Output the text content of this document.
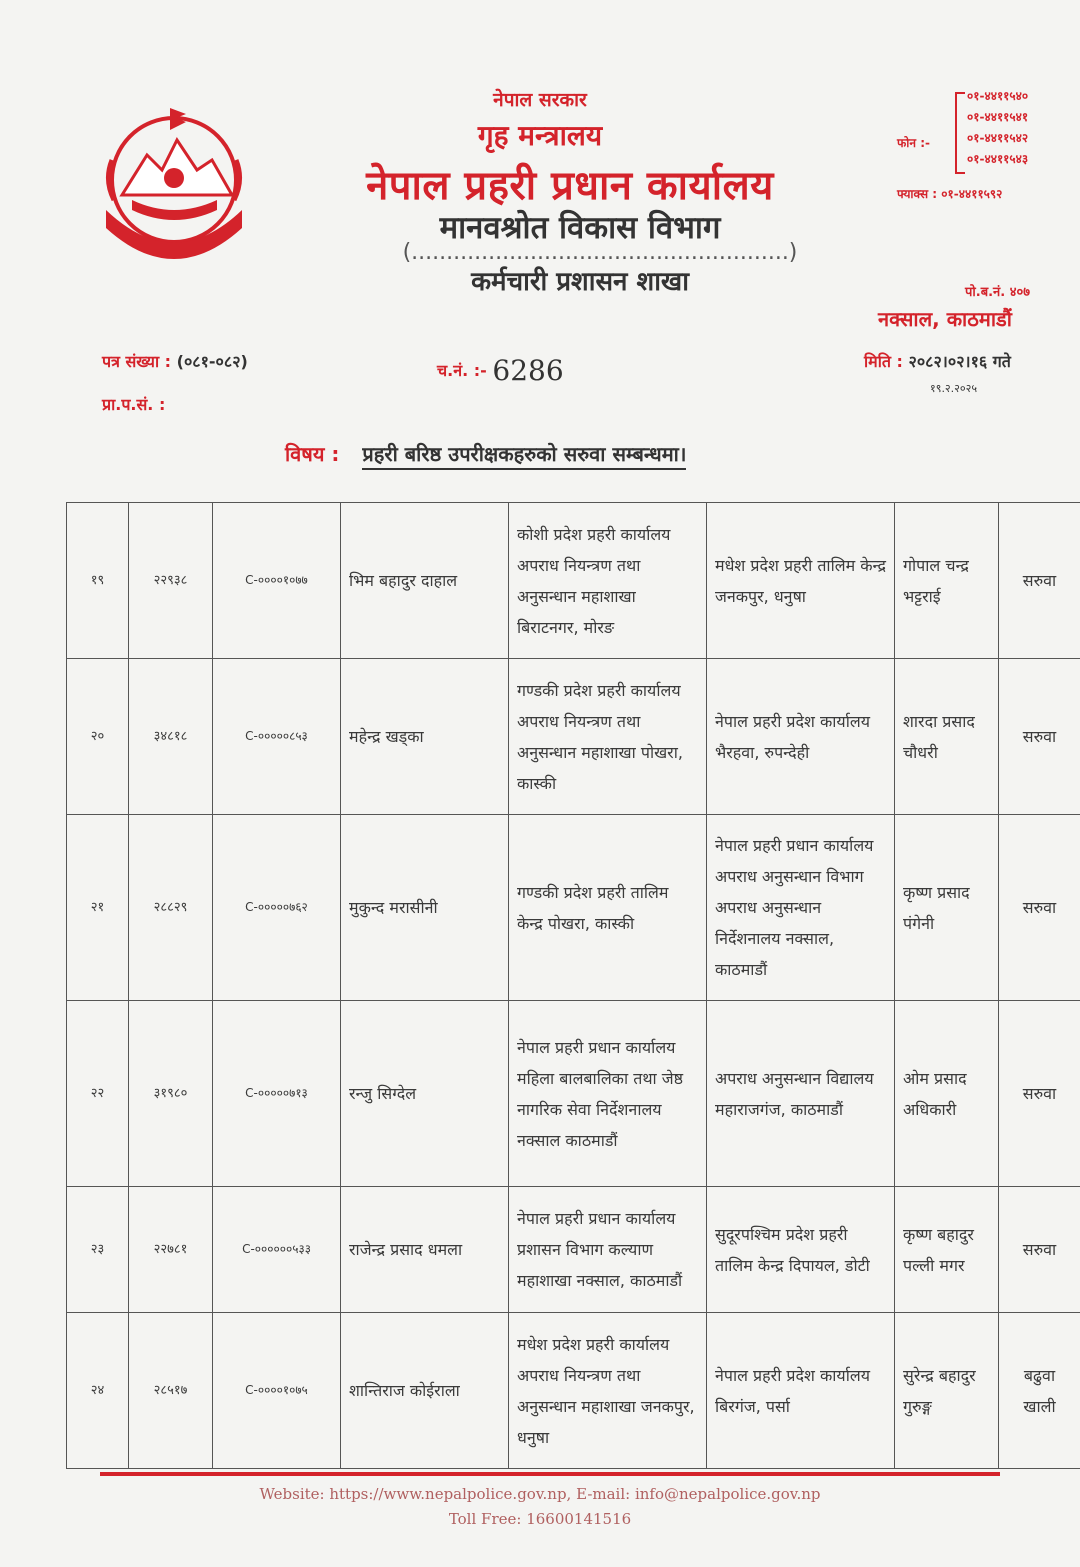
नेपाल सरकार
गृह मन्त्रालय
नेपाल प्रहरी प्रधान कार्यालय
मानवश्रोत विकास विभाग
(......................................................)
कर्मचारी प्रशासन शाखा
फोन :-
०१-४४११५४०
०१-४४११५४१
०१-४४११५४२
०१-४४११५४३
फ्याक्स : ०१-४४११५९२
पो.ब.नं. ४०७
नक्साल, काठमाडौं
पत्र संख्या : (०८१-०८२)
प्रा.प.सं. :
च.नं. :- 6286	मिति : २०८२।०२।१६ गते
१९.२.२०२५
विषय : प्रहरी बरिष्ठ उपरीक्षकहरुको सरुवा सम्बन्धमा।
१९	२२९३८	C-००००१०७७	भिम बहादुर दाहाल	कोशी प्रदेश प्रहरी कार्यालय अपराध नियन्त्रण तथा अनुसन्धान महाशाखा बिराटनगर, मोरङ	मधेश प्रदेश प्रहरी तालिम केन्द्र जनकपुर, धनुषा	गोपाल चन्द्र भट्टराई	सरुवा
२०	३४८१८	C-०००००८५३	महेन्द्र खड्का	गण्डकी प्रदेश प्रहरी कार्यालय अपराध नियन्त्रण तथा अनुसन्धान महाशाखा पोखरा, कास्की	नेपाल प्रहरी प्रदेश कार्यालय भैरहवा, रुपन्देही	शारदा प्रसाद चौधरी	सरुवा
२१	२८८२९	C-०००००७६२	मुकुन्द मरासीनी	गण्डकी प्रदेश प्रहरी तालिम केन्द्र पोखरा, कास्की	नेपाल प्रहरी प्रधान कार्यालय अपराध अनुसन्धान विभाग अपराध अनुसन्धान निर्देशनालय नक्साल, काठमाडौं	कृष्ण प्रसाद पंगेनी	सरुवा
२२	३१९८०	C-०००००७१३	रन्जु सिग्देल	नेपाल प्रहरी प्रधान कार्यालय महिला बालबालिका तथा जेष्ठ नागरिक सेवा निर्देशनालय नक्साल काठमाडौं	अपराध अनुसन्धान विद्यालय महाराजगंज, काठमाडौं	ओम प्रसाद अधिकारी	सरुवा
२३	२२७८१	C-००००००५३३	राजेन्द्र प्रसाद धमला	नेपाल प्रहरी प्रधान कार्यालय प्रशासन विभाग कल्याण महाशाखा नक्साल, काठमाडौं	सुदूरपश्चिम प्रदेश प्रहरी तालिम केन्द्र दिपायल, डोटी	कृष्ण बहादुर पल्ली मगर	सरुवा
२४	२८५१७	C-००००१०७५	शान्तिराज कोईराला	मधेश प्रदेश प्रहरी कार्यालय अपराध नियन्त्रण तथा अनुसन्धान महाशाखा जनकपुर, धनुषा	नेपाल प्रहरी प्रदेश कार्यालय बिरगंज, पर्सा	सुरेन्द्र बहादुर गुरुङ्ग	बढुवा खाली
Website: https://www.nepalpolice.gov.np, E-mail: info@nepalpolice.gov.np
Toll Free: 16600141516
